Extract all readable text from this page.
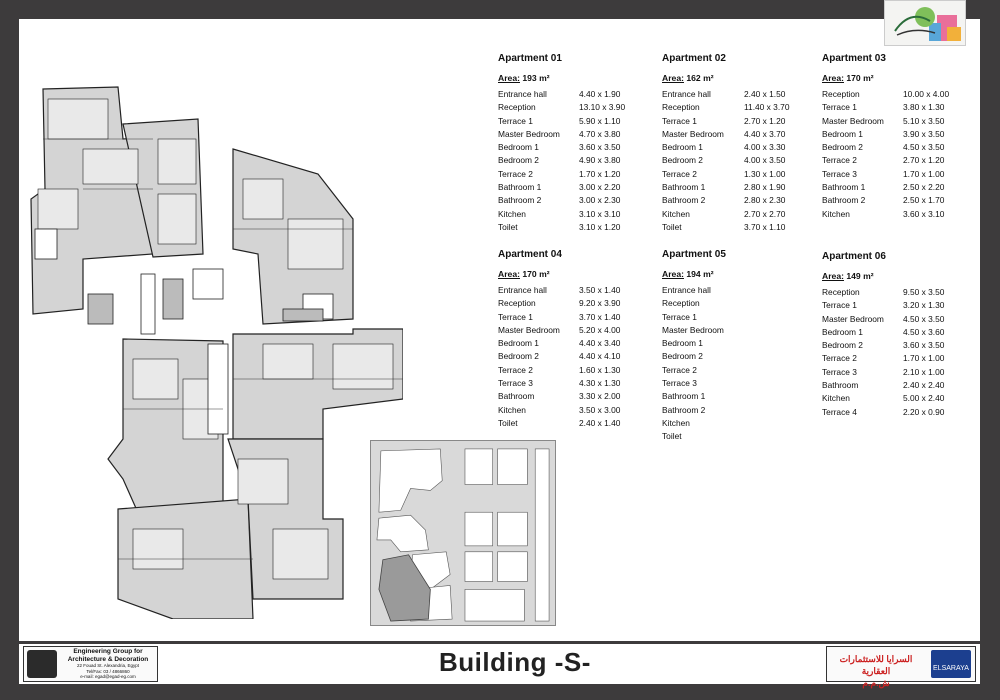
Apartment 01
Area: 193 m²
Entrance hall	4.40 x 1.90
Reception	13.10 x 3.90
Terrace 1	5.90 x 1.10
Master Bedroom 4.70 x 3.80
Bedroom 1	3.60 x 3.50
Bedroom 2	4.90 x 3.80
Terrace 2	1.70 x 1.20
Bathroom 1	3.00 x 2.20
Bathroom 2	3.00 x 2.30
Kitchen	3.10 x 3.10
Toilet	3.10 x 1.20
Apartment 02
Area: 162 m²
Entrance hall	2.40 x 1.50
Reception	11.40 x 3.70
Terrace 1	2.70 x 1.20
Master Bedroom 4.40 x 3.70
Bedroom 1	4.00 x 3.30
Bedroom 2	4.00 x 3.50
Terrace 2	1.30 x 1.00
Bathroom 1	2.80 x 1.90
Bathroom 2	2.80 x 2.30
Kitchen	2.70 x 2.70
Toilet	3.70 x 1.10
Apartment 03
Area: 170 m²
Reception	10.00 x 4.00
Terrace 1	3.80 x 1.30
Master Bedroom 5.10 x 3.50
Bedroom 1	3.90 x 3.50
Bedroom 2	4.50 x 3.50
Terrace 2	2.70 x 1.20
Terrace 3	1.70 x 1.00
Bathroom 1	2.50 x 2.20
Bathroom 2	2.50 x 1.70
Kitchen	3.60 x 3.10
Apartment 04
Area: 170 m²
Entrance hall	3.50 x 1.40
Reception	9.20 x 3.90
Terrace 1	3.70 x 1.40
Master Bedroom 5.20 x 4.00
Bedroom 1	4.40 x 3.40
Bedroom 2	4.40 x 4.10
Terrace 2	1.60 x 1.30
Terrace 3	4.30 x 1.30
Bathroom	3.30 x 2.00
Kitchen	3.50 x 3.00
Toilet	2.40 x 1.40
Apartment 05
Area: 194 m²
Entrance hall
Reception
Terrace 1
Master Bedroom
Bedroom 1
Bedroom 2
Terrace 2
Terrace 3
Bathroom 1
Bathroom 2
Kitchen
Toilet
Apartment 06
Area: 149 m²
Reception	9.50 x 3.50
Terrace 1	3.20 x 1.30
Master Bedroom 4.50 x 3.50
Bedroom 1	4.50 x 3.60
Bedroom 2	3.60 x 3.50
Terrace 2	1.70 x 1.00
Terrace 3	2.10 x 1.00
Bathroom	2.40 x 2.40
Kitchen	5.00 x 2.40
Terrace 4	2.20 x 0.90
Engineering Group for
Architecture & Decoration
22 Fouad St. Alexandria, Egypt
Tel/Fax: 03 / 4866860
e-mail: egad@egad-eg.com	Building -S-	السرايا للاستثمارات العقارية
ش.م.م
ELSARAYA
